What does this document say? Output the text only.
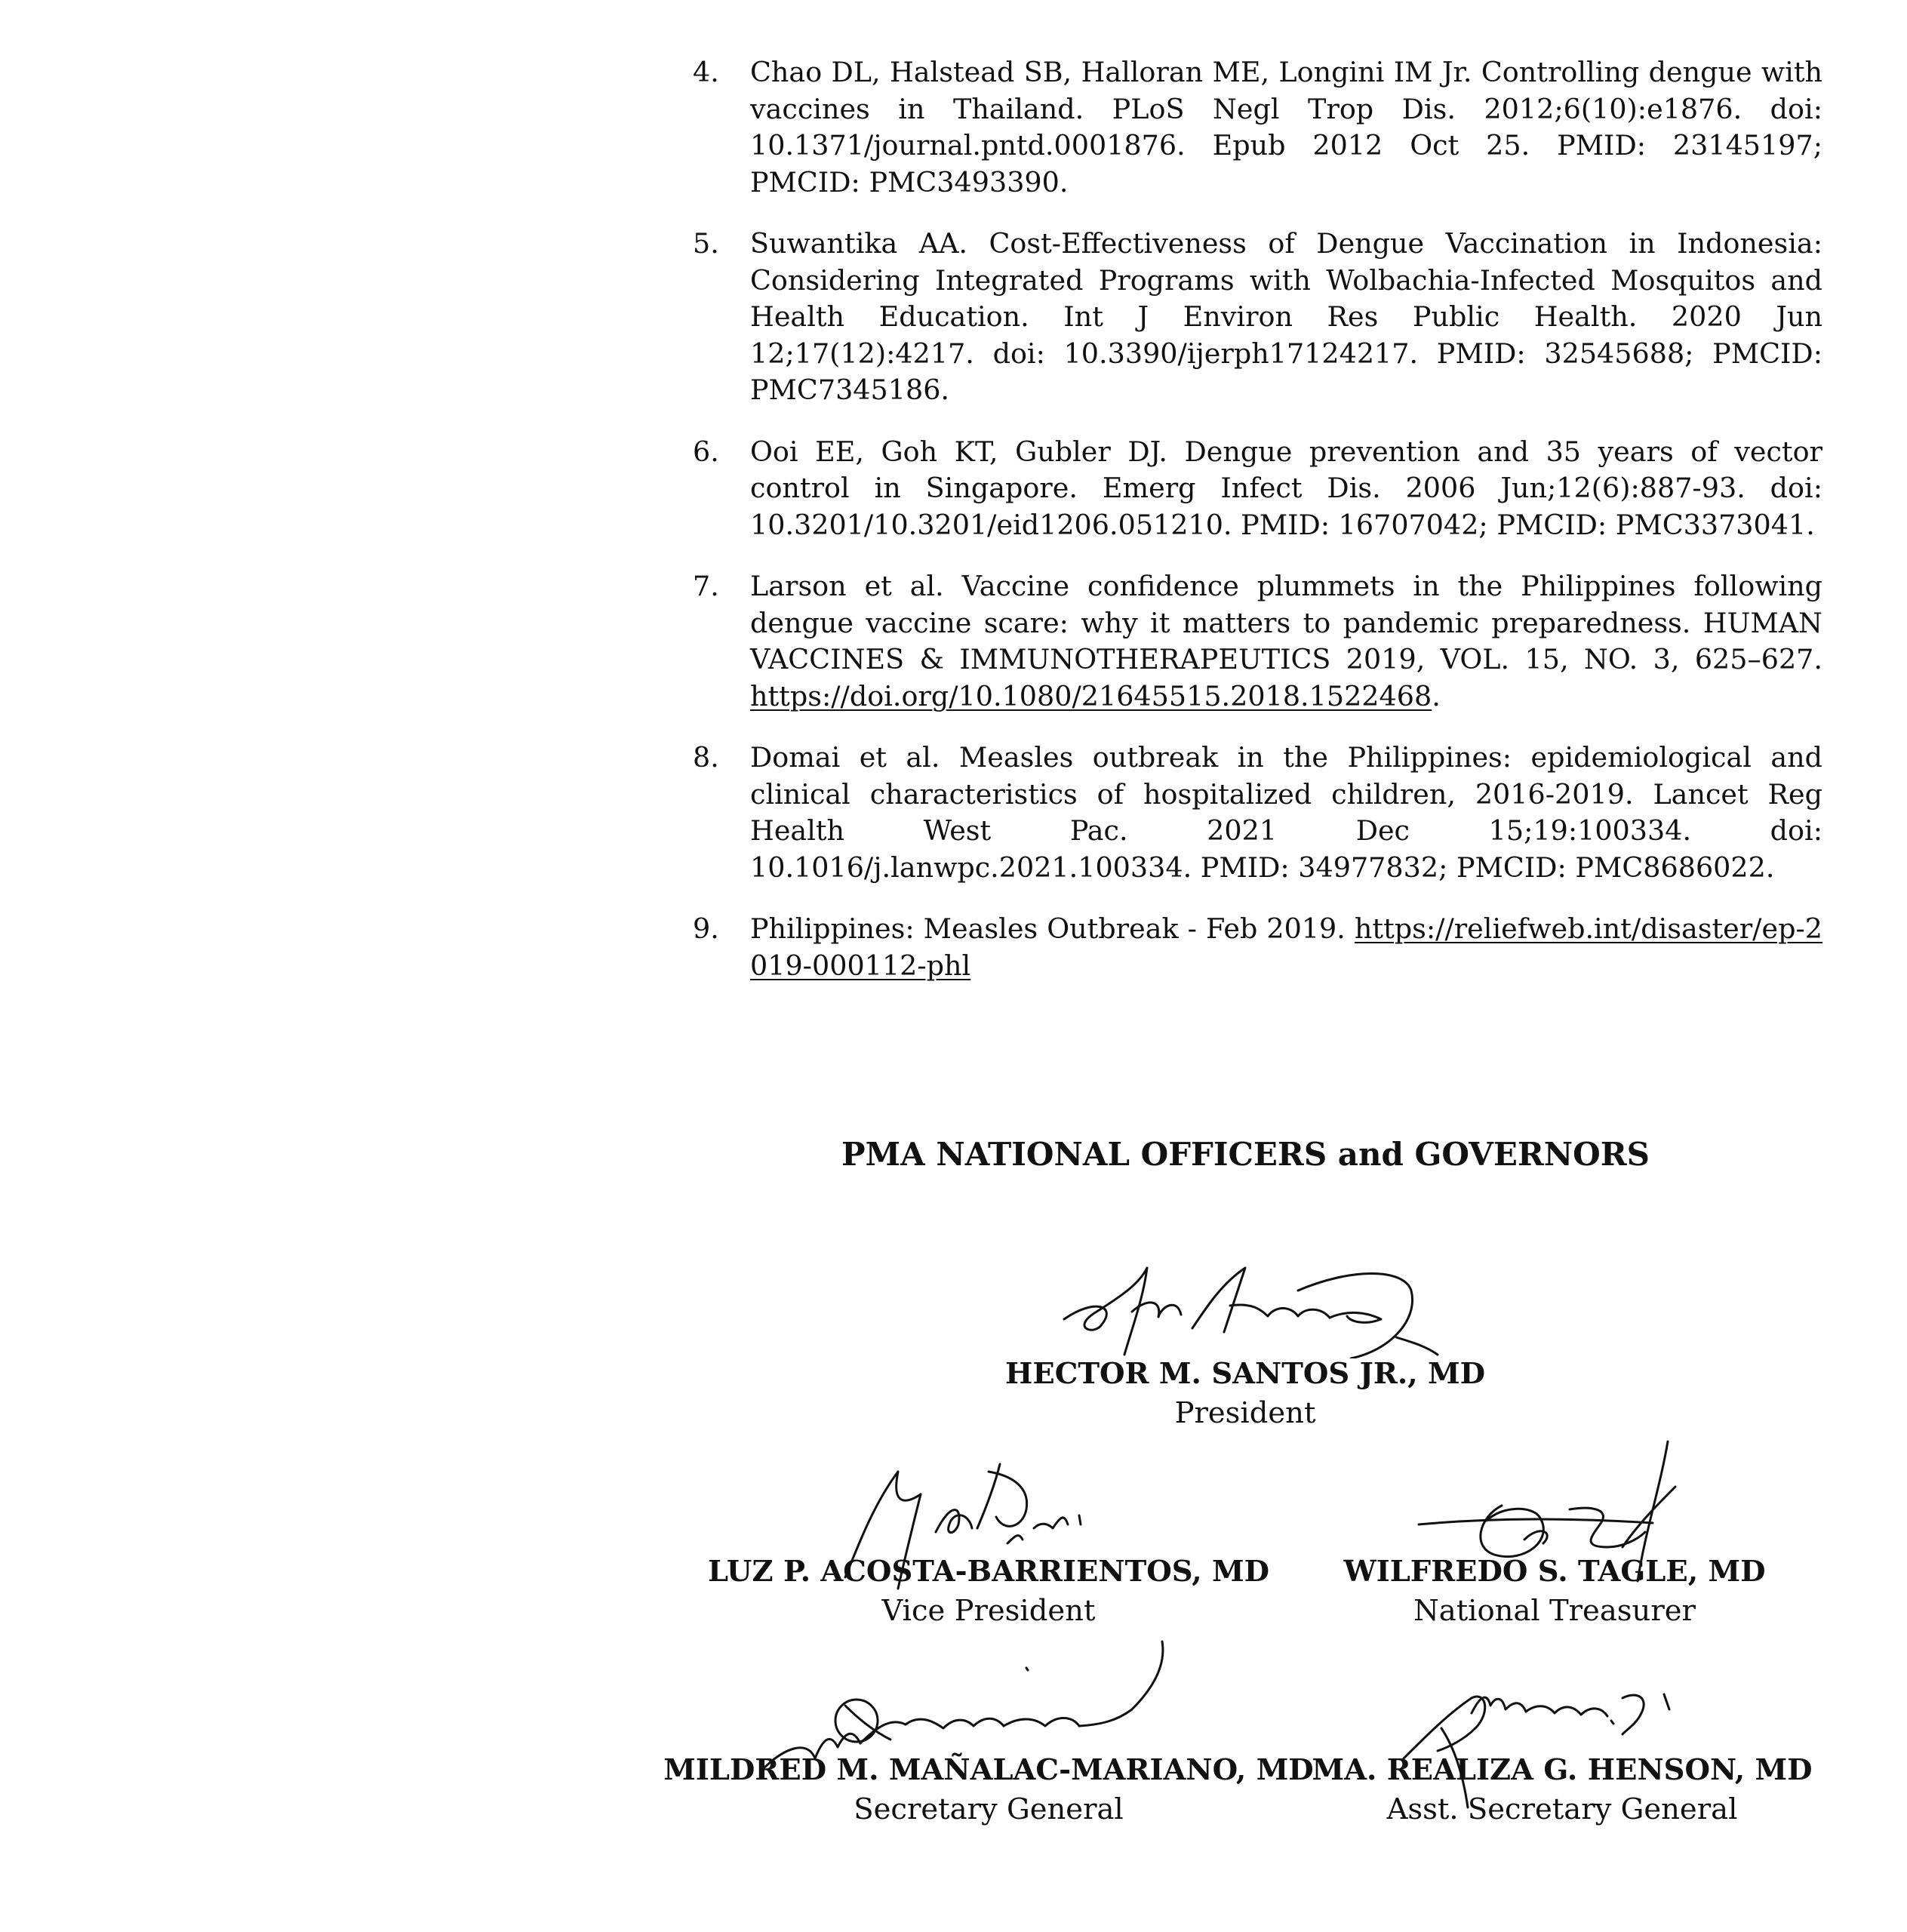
4. Chao DL, Halstead SB, Halloran ME, Longini IM Jr. Controlling dengue with vaccines in Thailand. PLoS Negl Trop Dis. 2012;6(10):e1876. doi: 10.1371/journal.pntd.0001876. Epub 2012 Oct 25. PMID: 23145197; PMCID: PMC3493390.
5. Suwantika AA. Cost-Effectiveness of Dengue Vaccination in Indonesia: Considering Integrated Programs with Wolbachia-Infected Mosquitos and Health Education. Int J Environ Res Public Health. 2020 Jun 12;17(12):4217. doi: 10.3390/ijerph17124217. PMID: 32545688; PMCID: PMC7345186.
6. Ooi EE, Goh KT, Gubler DJ. Dengue prevention and 35 years of vector control in Singapore. Emerg Infect Dis. 2006 Jun;12(6):887-93. doi: 10.3201/10.3201/eid1206.051210. PMID: 16707042; PMCID: PMC3373041.
7. Larson et al. Vaccine confidence plummets in the Philippines following dengue vaccine scare: why it matters to pandemic preparedness. HUMAN VACCINES & IMMUNOTHERAPEUTICS 2019, VOL. 15, NO. 3, 625–627. https://doi.org/10.1080/21645515.2018.1522468.
8. Domai et al. Measles outbreak in the Philippines: epidemiological and clinical characteristics of hospitalized children, 2016-2019. Lancet Reg Health West Pac. 2021 Dec 15;19:100334. doi: 10.1016/j.lanwpc.2021.100334. PMID: 34977832; PMCID: PMC8686022.
9. Philippines: Measles Outbreak - Feb 2019. https://reliefweb.int/disaster/ep-2019-000112-phl
PMA NATIONAL OFFICERS and GOVERNORS
HECTOR M. SANTOS JR., MD
President
LUZ P. ACOSTA-BARRIENTOS, MD
Vice President
WILFREDO S. TAGLE, MD
National Treasurer
MILDRED M. MAÑALAC-MARIANO, MD
Secretary General
MA. REALIZA G. HENSON, MD
Asst. Secretary General
